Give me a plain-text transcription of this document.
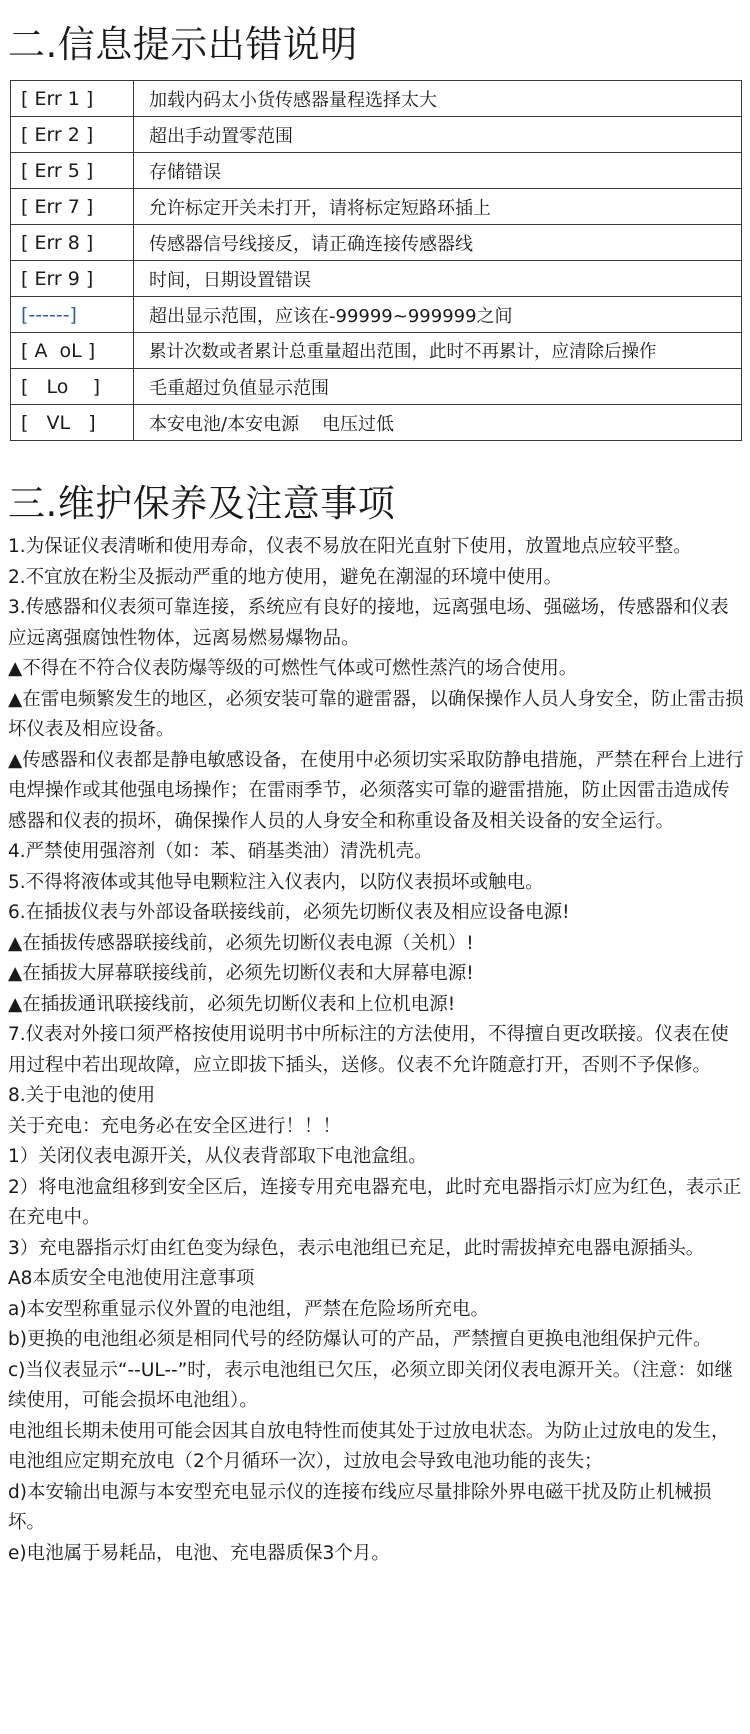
二.信息提示出错说明
[ Err 1 ]	加载内码太小货传感器量程选择太大
[ Err 2 ]	超出手动置零范围
[ Err 5 ]	存储错误
[ Err 7 ]	允许标定开关未打开，请将标定短路环插上
[ Err 8 ]	传感器信号线接反，请正确连接传感器线
[ Err 9 ]	时间，日期设置错误
[------]	超出显示范围，应该在-99999~999999之间
[ A  oL ]	累计次数或者累计总重量超出范围，此时不再累计，应清除后操作
[   Lo    ]	毛重超过负值显示范围
[   VL   ]	本安电池/本安电源    电压过低
三.维护保养及注意事项

1.为保证仪表清晰和使用寿命，仪表不易放在阳光直射下使用，放置地点应较平整。

2.不宜放在粉尘及振动严重的地方使用，避免在潮湿的环境中使用。

3.传感器和仪表须可靠连接，系统应有良好的接地，远离强电场、强磁场，传感器和仪表应远离强腐蚀性物体，远离易燃易爆物品。

▲不得在不符合仪表防爆等级的可燃性气体或可燃性蒸汽的场合使用。

▲在雷电频繁发生的地区，必须安装可靠的避雷器，以确保操作人员人身安全，防止雷击损坏仪表及相应设备。

▲传感器和仪表都是静电敏感设备，在使用中必须切实采取防静电措施，严禁在秤台上进行电焊操作或其他强电场操作；在雷雨季节，必须落实可靠的避雷措施，防止因雷击造成传感器和仪表的损坏，确保操作人员的人身安全和称重设备及相关设备的安全运行。

4.严禁使用强溶剂（如：苯、硝基类油）清洗机壳。

5.不得将液体或其他导电颗粒注入仪表内，以防仪表损坏或触电。

6.在插拔仪表与外部设备联接线前，必须先切断仪表及相应设备电源!

▲在插拔传感器联接线前，必须先切断仪表电源（关机）!

▲在插拔大屏幕联接线前，必须先切断仪表和大屏幕电源!

▲在插拔通讯联接线前，必须先切断仪表和上位机电源!

7.仪表对外接口须严格按使用说明书中所标注的方法使用，不得擅自更改联接。仪表在使用过程中若出现故障，应立即拔下插头，送修。仪表不允许随意打开，否则不予保修。

8.关于电池的使用

关于充电：充电务必在安全区进行！！！

1）关闭仪表电源开关，从仪表背部取下电池盒组。

2）将电池盒组移到安全区后，连接专用充电器充电，此时充电器指示灯应为红色，表示正在充电中。

3）充电器指示灯由红色变为绿色，表示电池组已充足，此时需拔掉充电器电源插头。

A8本质安全电池使用注意事项

a)本安型称重显示仪外置的电池组，严禁在危险场所充电。

b)更换的电池组必须是相同代号的经防爆认可的产品，严禁擅自更换电池组保护元件。

c)当仪表显示“--UL--”时，表示电池组已欠压，必须立即关闭仪表电源开关。（注意：如继续使用，可能会损坏电池组）。

电池组长期未使用可能会因其自放电特性而使其处于过放电状态。为防止过放电的发生，电池组应定期充放电（2个月循环一次），过放电会导致电池功能的丧失；

d)本安输出电源与本安型充电显示仪的连接布线应尽量排除外界电磁干扰及防止机械损坏。

e)电池属于易耗品，电池、充电器质保3个月。
